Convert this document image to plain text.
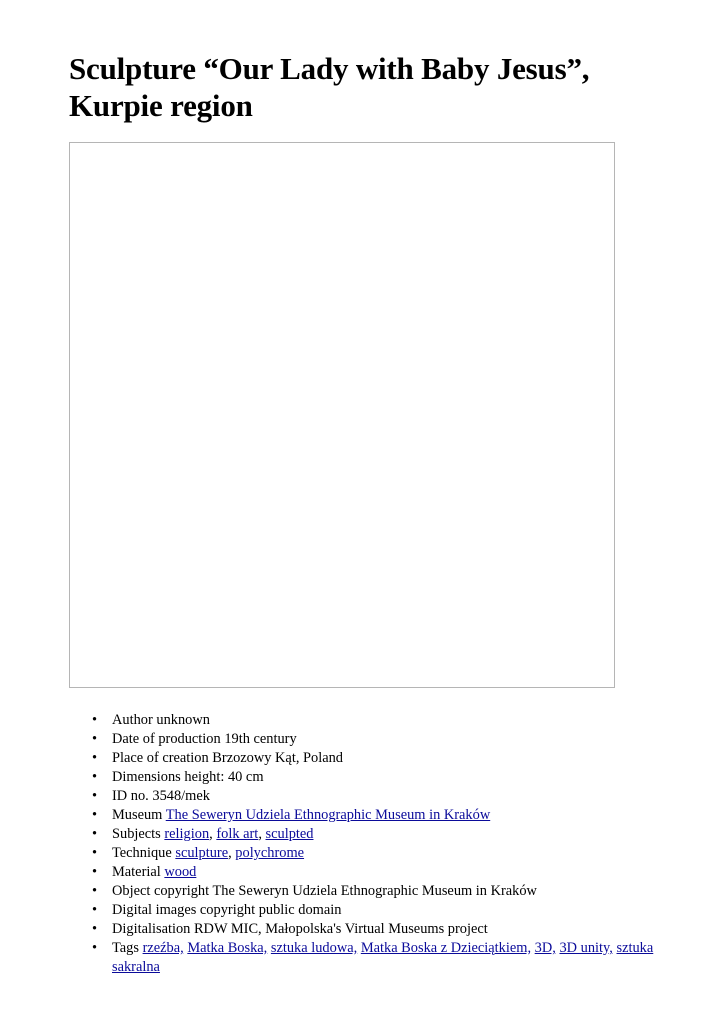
Sculpture “Our Lady with Baby Jesus”, Kurpie region
• Author unknown
• Date of production 19th century
• Place of creation Brzozowy Kąt, Poland
• Dimensions height: 40 cm
• ID no. 3548/mek
• Museum The Seweryn Udziela Ethnographic Museum in Kraków
• Subjects religion, folk art, sculpted
• Technique sculpture, polychrome
• Material wood
• Object copyright The Seweryn Udziela Ethnographic Museum in Kraków
• Digital images copyright public domain
• Digitalisation RDW MIC, Małopolska's Virtual Museums project
• Tags rzeźba, Matka Boska, sztuka ludowa, Matka Boska z Dzieciątkiem, 3D, 3D unity, sztuka sakralna
